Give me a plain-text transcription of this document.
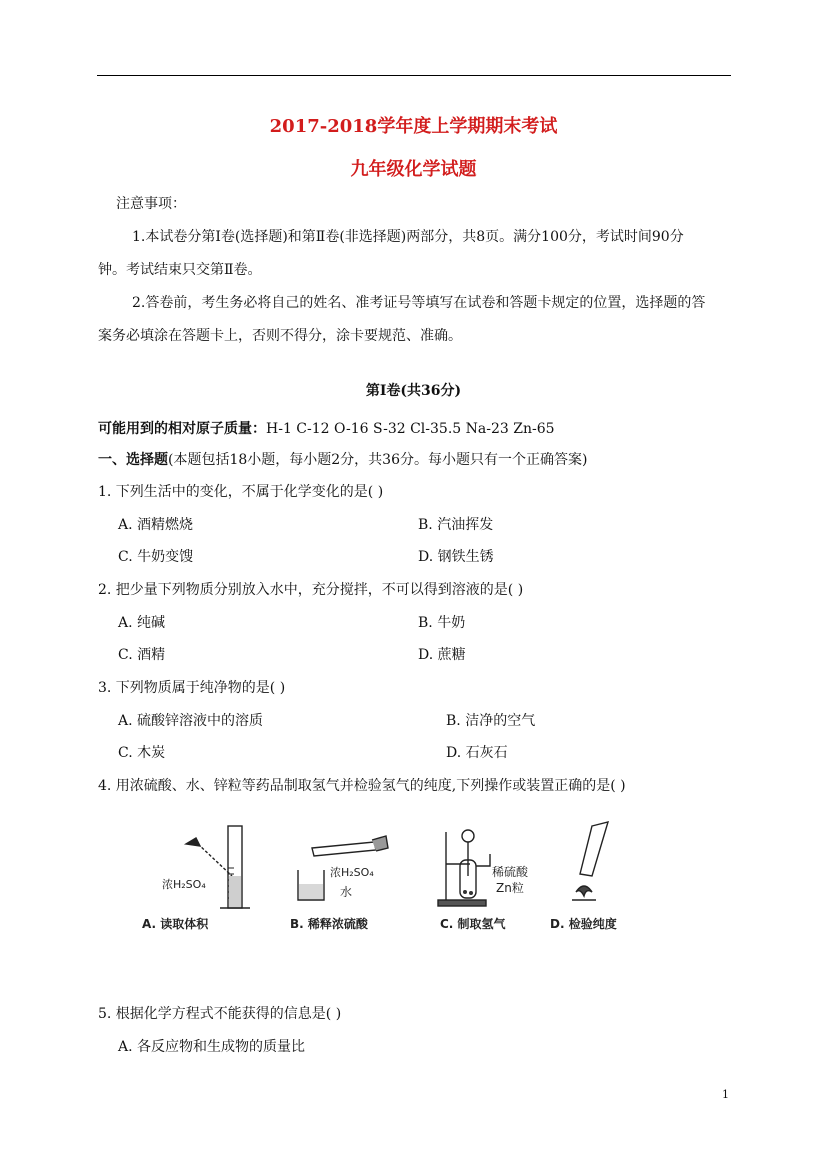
2017-2018学年度上学期期末考试
九年级化学试题
注意事项：
1.本试卷分第Ⅰ卷(选择题)和第Ⅱ卷(非选择题)两部分，共8页。满分100分，考试时间90分
钟。考试结束只交第Ⅱ卷。
2.答卷前，考生务必将自己的姓名、准考证号等填写在试卷和答题卡规定的位置，选择题的答
案务必填涂在答题卡上，否则不得分，涂卡要规范、准确。
第Ⅰ卷(共36分)
可能用到的相对原子质量：H-1 C-12 O-16 S-32 Cl-35.5 Na-23 Zn-65
一、选择题(本题包括18小题，每小题2分，共36分。每小题只有一个正确答案)
1. 下列生活中的变化，不属于化学变化的是( )
A. 酒精燃烧	B. 汽油挥发
C. 牛奶变馊	D. 钢铁生锈
2. 把少量下列物质分别放入水中，充分搅拌，不可以得到溶液的是( )
A. 纯碱	B. 牛奶
C. 酒精	D. 蔗糖
3. 下列物质属于纯净物的是( )
A. 硫酸锌溶液中的溶质	B. 洁净的空气
C. 木炭	D. 石灰石
4. 用浓硫酸、水、锌粒等药品制取氢气并检验氢气的纯度,下列操作或装置正确的是( )
浓H₂SO₄
浓H₂SO₄
水
稀硫酸
Zn粒
A. 读取体积	B. 稀释浓硫酸	C. 制取氢气	D. 检验纯度
5. 根据化学方程式不能获得的信息是( )
A. 各反应物和生成物的质量比
1
